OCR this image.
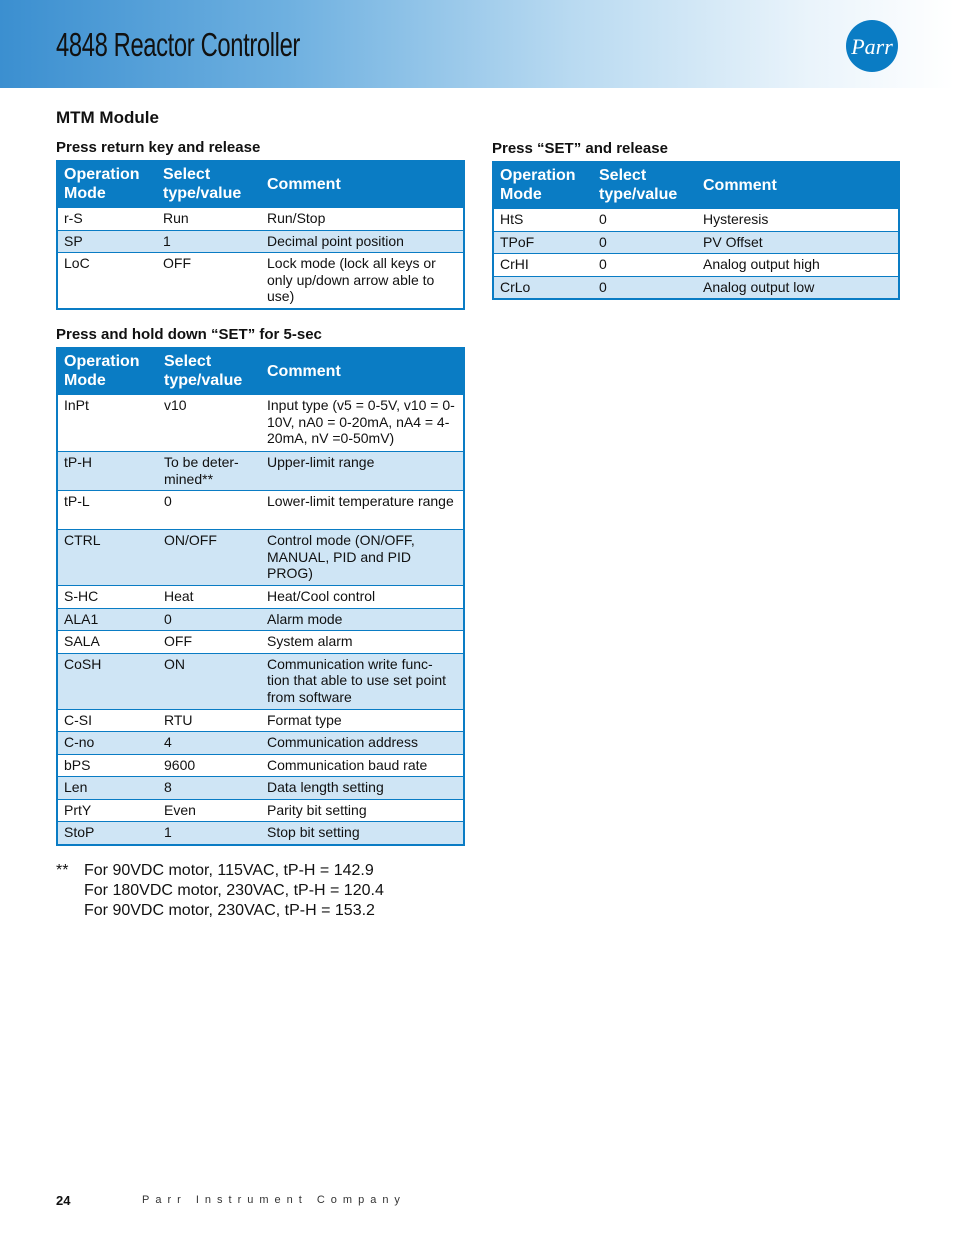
4848 Reactor Controller	Parr
MTM Module
Press return key and release
Operation Mode	Select type/value	Comment
r-S	Run	Run/Stop
SP	1	Decimal point position
LoC	OFF	Lock mode (lock all keys or only up/down arrow able to use)
Press “SET” and release
Operation Mode	Select type/value	Comment
HtS	0	Hysteresis
TPoF	0	PV Offset
CrHI	0	Analog output high
CrLo	0	Analog output low
Press and hold down “SET” for 5-sec
Operation Mode	Select type/value	Comment
InPt	v10	Input type (v5 = 0-5V, v10 = 0-10V, nA0 = 0-20mA, nA4 = 4-20mA, nV =0-50mV)
tP-H	To be deter- mined**	Upper-limit range
tP-L	0	Lower-limit temperature range
CTRL	ON/OFF	Control mode (ON/OFF, MANUAL, PID and PID PROG)
S-HC	Heat	Heat/Cool control
ALA1	0	Alarm mode
SALA	OFF	System alarm
CoSH	ON	Communication write func- tion that able to use set point from software
C-SI	RTU	Format type
C-no	4	Communication address
bPS	9600	Communication baud rate
Len	8	Data length setting
PrtY	Even	Parity bit setting
StoP	1	Stop bit setting
** For 90VDC motor, 115VAC, tP-H = 142.9
For 180VDC motor, 230VAC, tP-H = 120.4
For 90VDC motor, 230VAC, tP-H = 153.2
24	Parr Instrument Company
